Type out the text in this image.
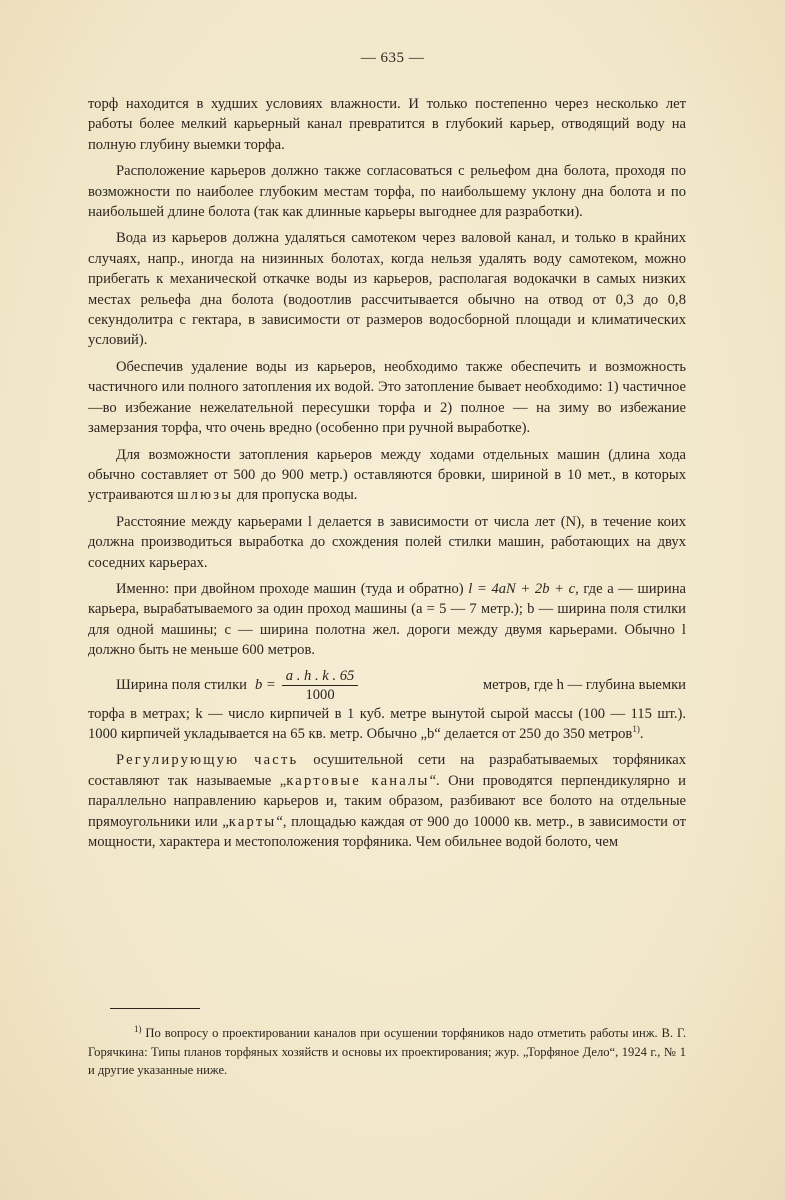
— 635 —

торф находится в худших условиях влажности. И только постепенно через несколько лет работы более мелкий карьерный канал превратится в глубокий карьер, отводящий воду на полную глубину выемки торфа.

Расположение карьеров должно также согласоваться с рельефом дна болота, проходя по возможности по наиболее глубоким местам торфа, по наибольшему уклону дна болота и по наибольшей длине болота (так как длинные карьеры выгоднее для разработки).

Вода из карьеров должна удаляться самотеком через валовой канал, и только в крайних случаях, напр., иногда на низинных болотах, когда нельзя удалять воду самотеком, можно прибегать к механической откачке воды из карьеров, располагая водокачки в самых низких местах рельефа дна болота (водоотлив рассчитывается обычно на отвод от 0,3 до 0,8 секундолитра с гектара, в зависимости от размеров водосборной площади и климатических условий).

Обеспечив удаление воды из карьеров, необходимо также обеспечить и возможность частичного или полного затопления их водой. Это затопление бывает необходимо: 1) частичное—во избежание нежелательной пересушки торфа и 2) полное — на зиму во избежание замерзания торфа, что очень вредно (особенно при ручной выработке).

Для возможности затопления карьеров между ходами отдельных машин (длина хода обычно составляет от 500 до 900 метр.) оставляются бровки, шириной в 10 мет., в которых устраиваются шлюзы для пропуска воды.

Расстояние между карьерами l делается в зависимости от числа лет (N), в течение коих должна производиться выработка до схождения полей стилки машин, работающих на двух соседних карьерах.

Именно: при двойном проходе машин (туда и обратно) l = 4aN + 2b + c, где a — ширина карьера, вырабатываемого за один проход машины (a = 5 — 7 метр.); b — ширина поля стилки для одной машины; c — ширина полотна жел. дороги между двумя карьерами. Обычно l должно быть не меньше 600 метров.

Ширина поля стилки $b = \frac{a . h . k . 65}{1000}$	метров, где h — глубина выемки

торфа в метрах; k — число кирпичей в 1 куб. метре вынутой сырой массы (100 — 115 шт.). 1000 кирпичей укладывается на 65 кв. метр. Обычно „b“ делается от 250 до 350 метров$^{1)}$.

Регулирующую часть осушительной сети на разрабатываемых торфяниках составляют так называемые „картовые каналы“. Они проводятся перпендикулярно и параллельно направлению карьеров и, таким образом, разбивают все болото на отдельные прямоугольники или „карты“, площадью каждая от 900 до 10000 кв. метр., в зависимости от мощности, характера и местоположения торфяника. Чем обильнее водой болото, чем

$^{1)}$ По вопросу о проектировании каналов при осушении торфяников надо отметить работы инж. В. Г. Горячкина: Типы планов торфяных хозяйств и основы их проектирования; жур. „Торфяное Дело“, 1924 г., № 1 и другие указанные ниже.
